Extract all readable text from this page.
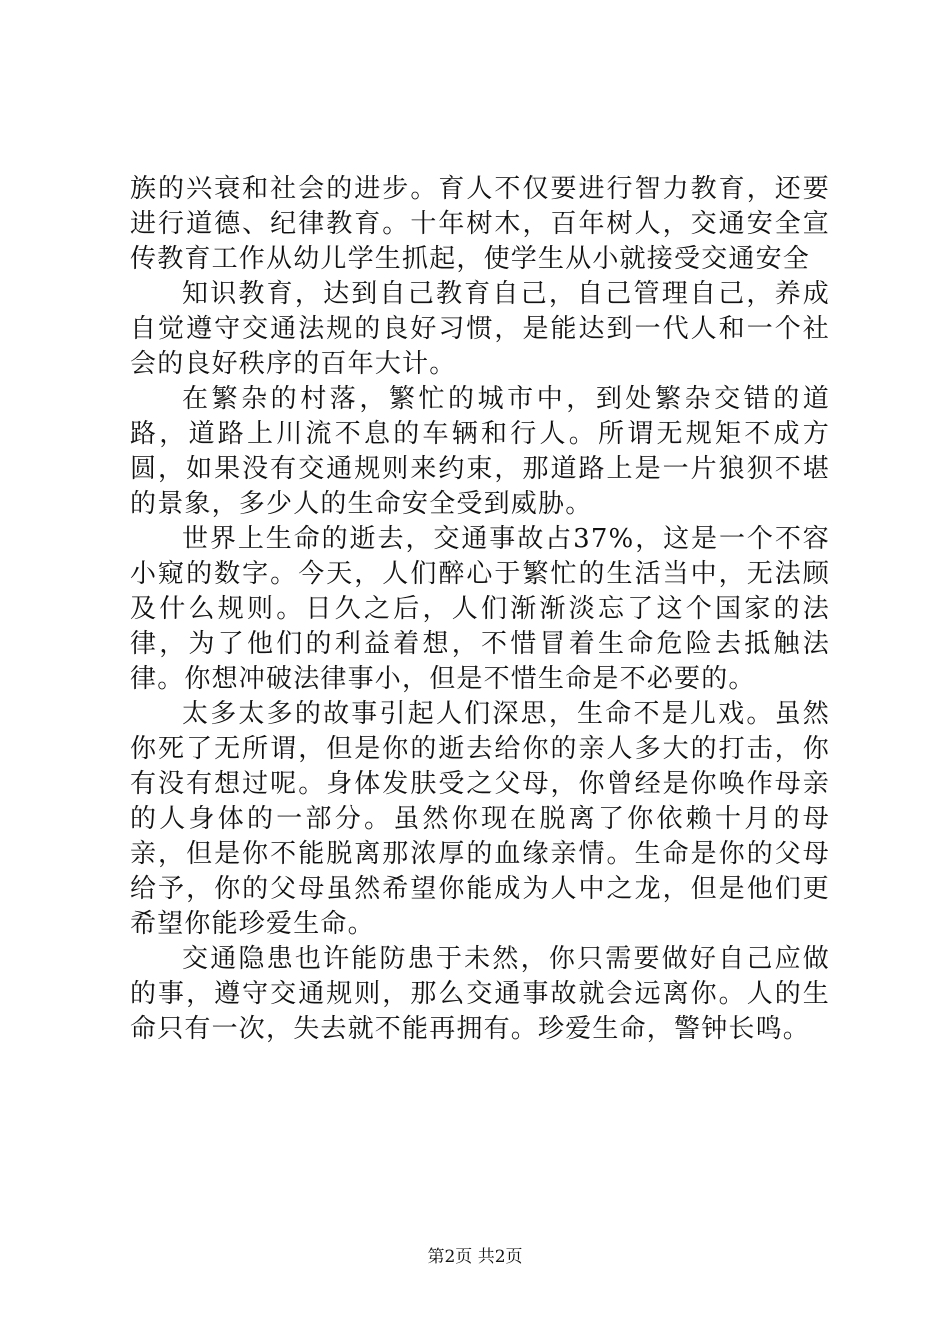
族的兴衰和社会的进步。育人不仅要进行智力教育，还要进行道德、纪律教育。十年树木，百年树人，交通安全宣传教育工作从幼儿学生抓起，使学生从小就接受交通安全

知识教育，达到自己教育自己，自己管理自己，养成自觉遵守交通法规的良好习惯，是能达到一代人和一个社会的良好秩序的百年大计。

在繁杂的村落，繁忙的城市中，到处繁杂交错的道路，道路上川流不息的车辆和行人。所谓无规矩不成方圆，如果没有交通规则来约束，那道路上是一片狼狈不堪的景象，多少人的生命安全受到威胁。

世界上生命的逝去，交通事故占37%，这是一个不容小窥的数字。今天，人们醉心于繁忙的生活当中，无法顾及什么规则。日久之后，人们渐渐淡忘了这个国家的法律，为了他们的利益着想，不惜冒着生命危险去抵触法律。你想冲破法律事小，但是不惜生命是不必要的。

太多太多的故事引起人们深思，生命不是儿戏。虽然你死了无所谓，但是你的逝去给你的亲人多大的打击，你有没有想过呢。身体发肤受之父母，你曾经是你唤作母亲的人身体的一部分。虽然你现在脱离了你依赖十月的母亲，但是你不能脱离那浓厚的血缘亲情。生命是你的父母给予，你的父母虽然希望你能成为人中之龙，但是他们更希望你能珍爱生命。

交通隐患也许能防患于未然，你只需要做好自己应做的事，遵守交通规则，那么交通事故就会远离你。人的生命只有一次，失去就不能再拥有。珍爱生命，警钟长鸣。

第2页 共2页
